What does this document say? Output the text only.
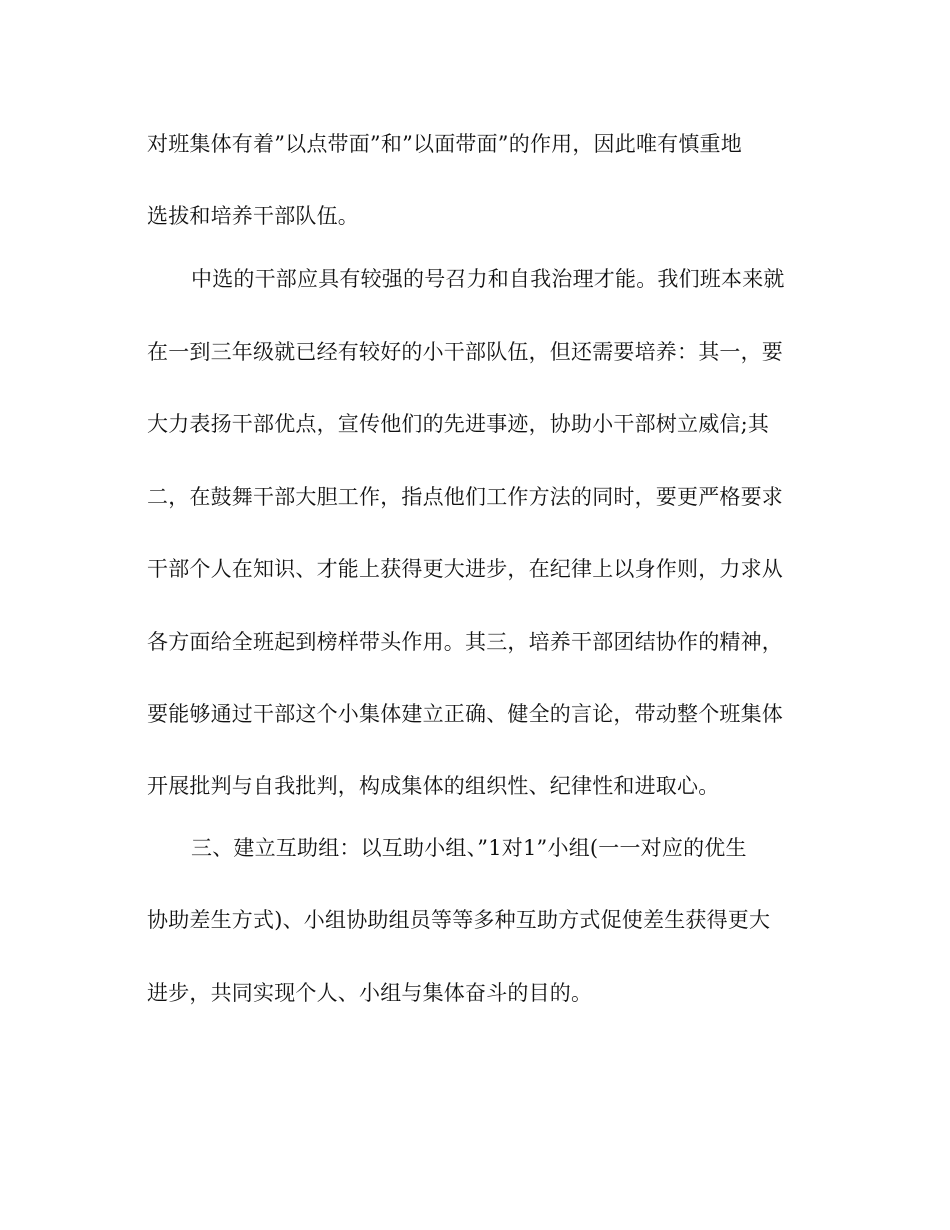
对班集体有着”以点带面”和”以面带面”的作用，因此唯有慎重地
选拔和培养干部队伍。
中选的干部应具有较强的号召力和自我治理才能。我们班本来就
在一到三年级就已经有较好的小干部队伍，但还需要培养：其一，要
大力表扬干部优点，宣传他们的先进事迹，协助小干部树立威信;其
二，在鼓舞干部大胆工作，指点他们工作方法的同时，要更严格要求
干部个人在知识、才能上获得更大进步，在纪律上以身作则，力求从
各方面给全班起到榜样带头作用。其三，培养干部团结协作的精神，
要能够通过干部这个小集体建立正确、健全的言论，带动整个班集体
开展批判与自我批判，构成集体的组织性、纪律性和进取心。
三、建立互助组：以互助小组、”1对1”小组(一一对应的优生
协助差生方式)、小组协助组员等等多种互助方式促使差生获得更大
进步，共同实现个人、小组与集体奋斗的目的。
